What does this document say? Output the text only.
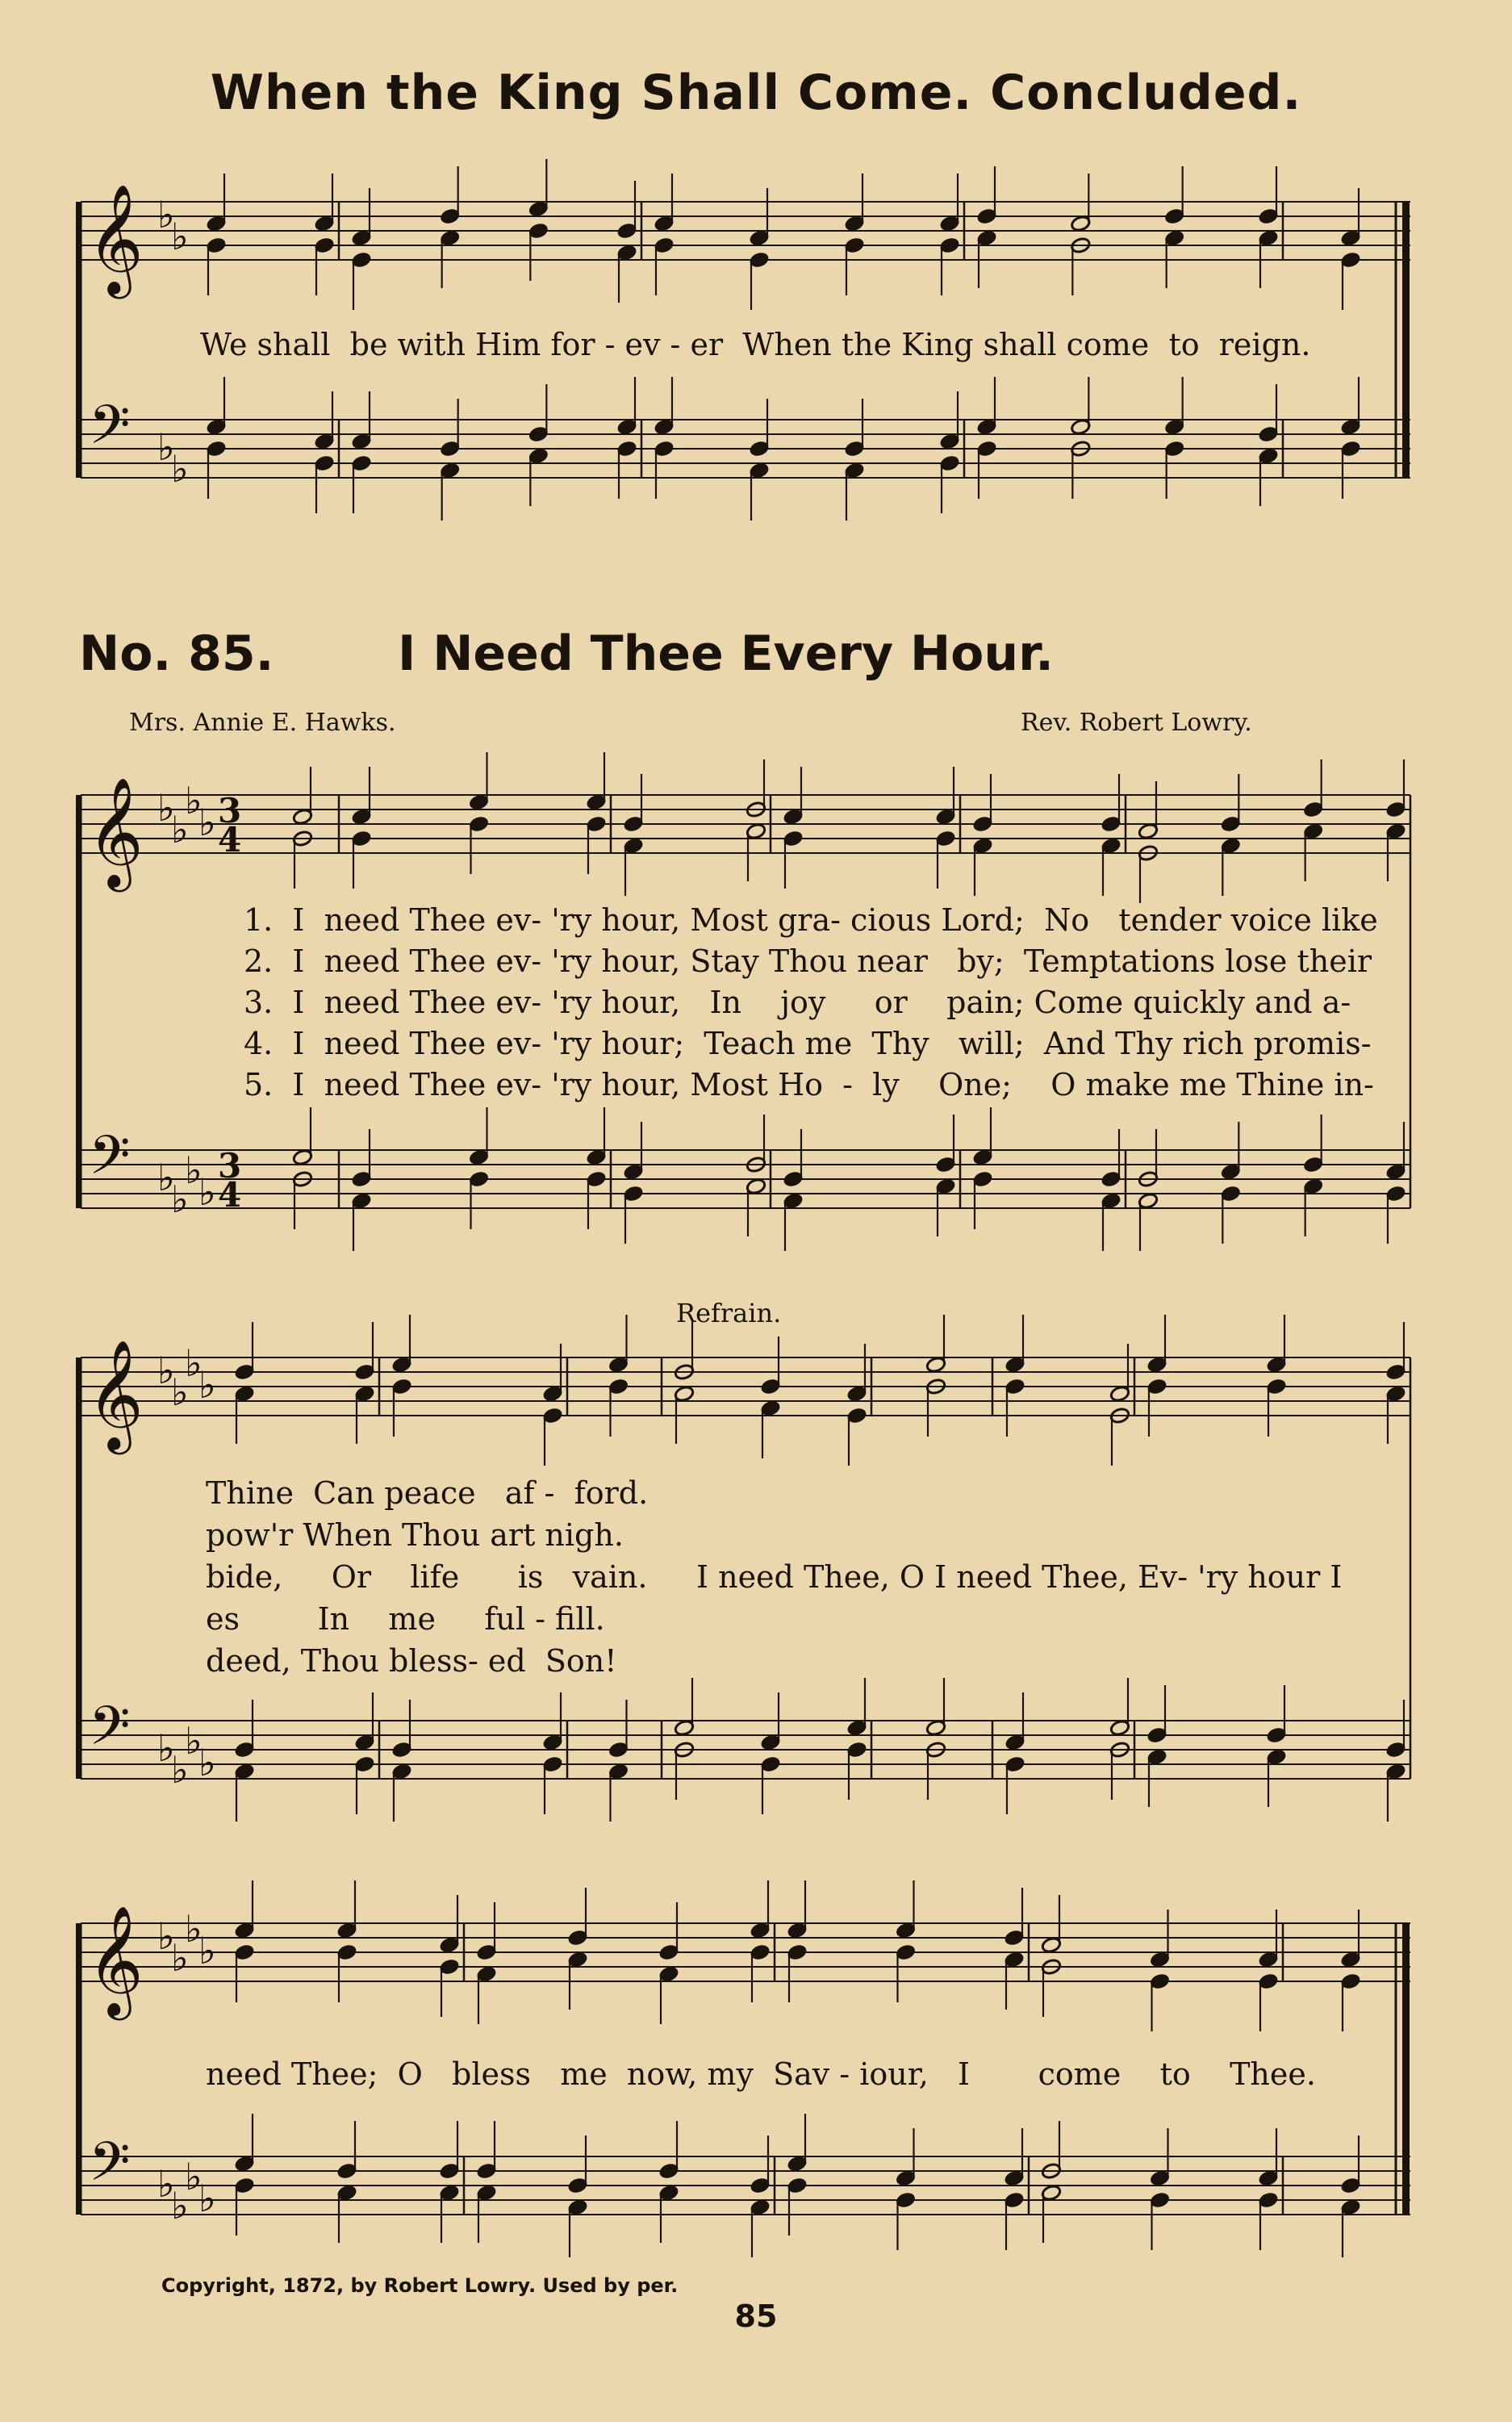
When the King Shall Come. Concluded.
We shall  be with Him for - ev - er  When the King shall come  to  reign.
No. 85.	I Need Thee Every Hour.
Mrs. Annie E. Hawks.	Rev. Robert Lowry.
1.  I  need Thee ev- 'ry hour, Most gra- cious Lord;  No   tender voice like
2.  I  need Thee ev- 'ry hour, Stay Thou near   by;  Temptations lose their
3.  I  need Thee ev- 'ry hour,   In    joy     or    pain; Come quickly and a-
4.  I  need Thee ev- 'ry hour;  Teach me  Thy   will;  And Thy rich promis-
5.  I  need Thee ev- 'ry hour, Most Ho  -  ly    One;    O make me Thine in-
Refrain.
Thine  Can peace   af -  ford.
pow'r When Thou art nigh.
bide,     Or    life      is   vain.
es        In    me     ful - fill.
deed, Thou bless- ed  Son!
I need Thee, O I need Thee, Ev- 'ry hour I
need Thee;  O   bless   me  now, my  Sav - iour,   I       come    to    Thee.
Copyright, 1872, by Robert Lowry. Used by per.
85
𝄞
𝄢
♭
♭
♭
♭
𝄞
𝄢
♭
♭
♭
♭
♭
♭
♭
♭
3
4
3
4
𝄞
𝄢
♭
♭
♭
♭
♭
♭
♭
♭
𝄞
𝄢
♭
♭
♭
♭
♭
♭
♭
♭
